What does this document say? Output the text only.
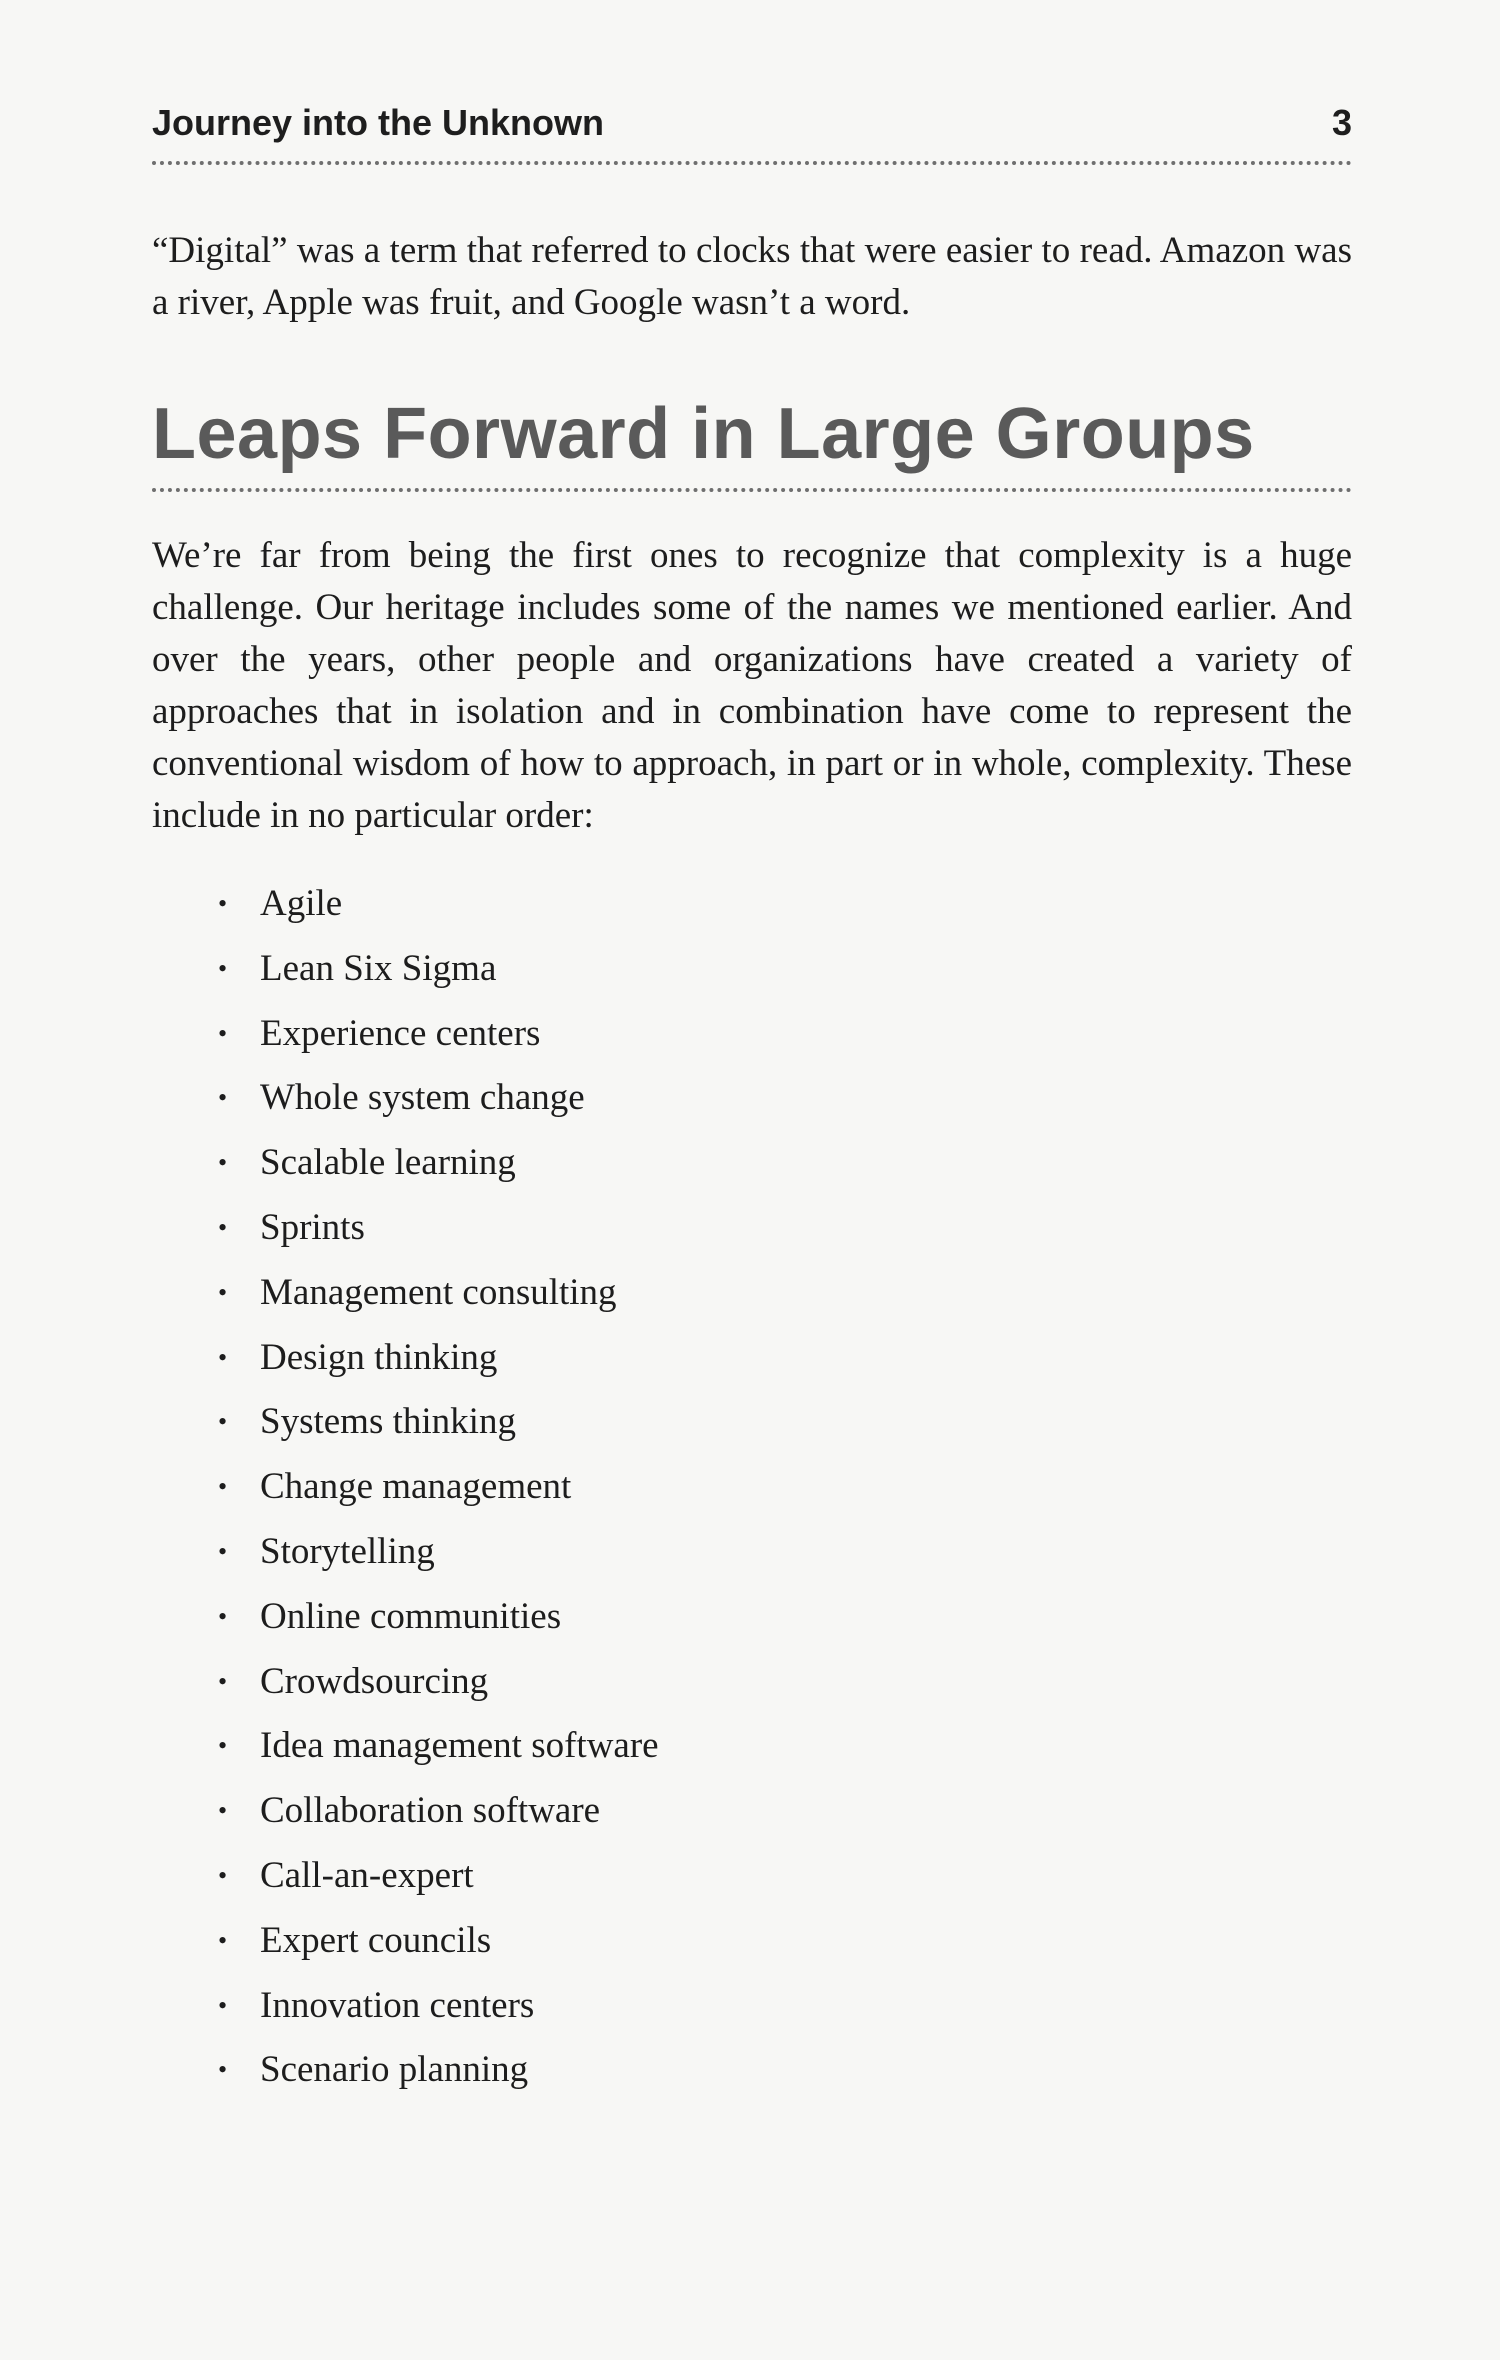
Journey into the Unknown	3

“Digital” was a term that referred to clocks that were easier to read. Amazon was a river, Apple was fruit, and Google wasn’t a word.

Leaps Forward in Large Groups

We’re far from being the first ones to recognize that complexity is a huge challenge. Our heritage includes some of the names we mentioned earlier. And over the years, other people and organizations have created a variety of approaches that in isolation and in combination have come to represent the conventional wisdom of how to approach, in part or in whole, complexity. These include in no particular order:

• Agile
• Lean Six Sigma
• Experience centers
• Whole system change
• Scalable learning
• Sprints
• Management consulting
• Design thinking
• Systems thinking
• Change management
• Storytelling
• Online communities
• Crowdsourcing
• Idea management software
• Collaboration software
• Call-an-expert
• Expert councils
• Innovation centers
• Scenario planning
